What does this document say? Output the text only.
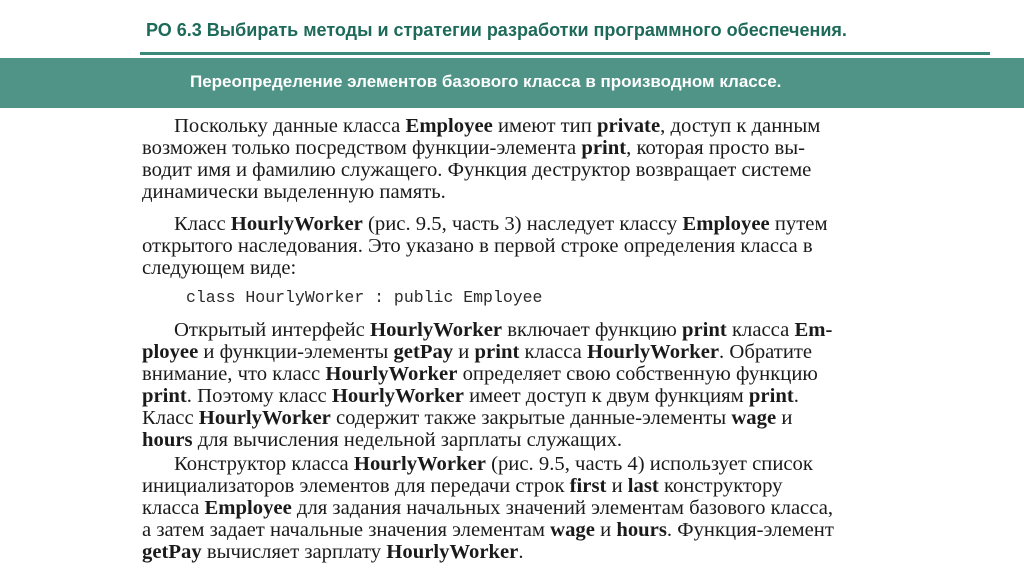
РО 6.3 Выбирать методы и стратегии разработки программного обеспечения.
Переопределение элементов базового класса в производном классе.

Поскольку данные класса Employee имеют тип private, доступ к данным

возможен только посредством функции-элемента print, которая просто вы-

водит имя и фамилию служащего. Функция деструктор возвращает системе

динамически выделенную память.

Класс HourlyWorker (рис. 9.5, часть 3) наследует классу Employee путем

открытого наследования. Это указано в первой строке определения класса в

следующем виде:

class HourlyWorker : public Employee

Открытый интерфейс HourlyWorker включает функцию print класса Em-

ployee и функции-элементы getPay и print класса HourlyWorker. Обратите

внимание, что класс HourlyWorker определяет свою собственную функцию

print. Поэтому класс HourlyWorker имеет доступ к двум функциям print.

Класс HourlyWorker содержит также закрытые данные-элементы wage и

hours для вычисления недельной зарплаты служащих.

Конструктор класса HourlyWorker (рис. 9.5, часть 4) использует список

инициализаторов элементов для передачи строк first и last конструктору

класса Employee для задания начальных значений элементам базового класса,

а затем задает начальные значения элементам wage и hours. Функция-элемент

getPay вычисляет зарплату HourlyWorker.
